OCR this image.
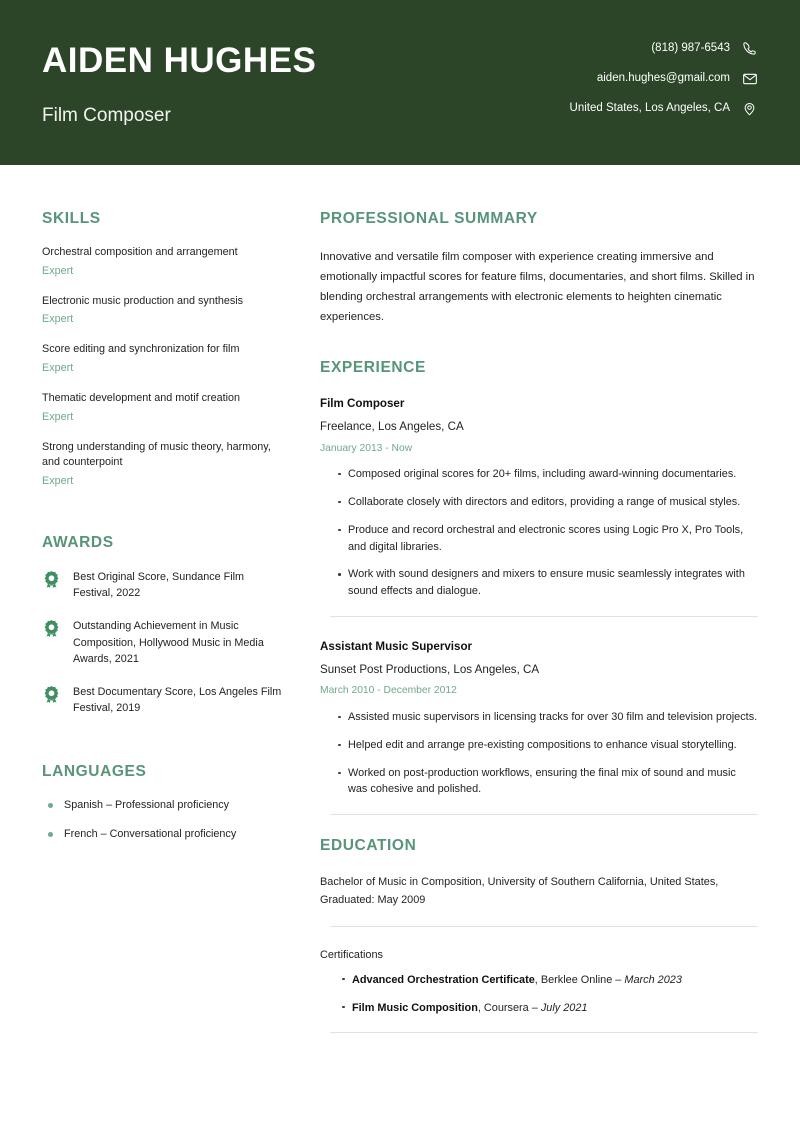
AIDEN HUGHES
Film Composer
(818) 987-6543
aiden.hughes@gmail.com
United States, Los Angeles, CA
SKILLS
Orchestral composition and arrangement
Expert
Electronic music production and synthesis
Expert
Score editing and synchronization for film
Expert
Thematic development and motif creation
Expert
Strong understanding of music theory, harmony, and counterpoint
Expert
AWARDS
Best Original Score, Sundance Film Festival, 2022
Outstanding Achievement in Music Composition, Hollywood Music in Media Awards, 2021
Best Documentary Score, Los Angeles Film Festival, 2019
LANGUAGES
Spanish – Professional proficiency
French – Conversational proficiency
PROFESSIONAL SUMMARY

Innovative and versatile film composer with experience creating immersive and emotionally impactful scores for feature films, documentaries, and short films. Skilled in blending orchestral arrangements with electronic elements to heighten cinematic experiences.

EXPERIENCE
Film Composer
Freelance, Los Angeles, CA
January 2013 - Now
Composed original scores for 20+ films, including award-winning documentaries.
Collaborate closely with directors and editors, providing a range of musical styles.
Produce and record orchestral and electronic scores using Logic Pro X, Pro Tools, and digital libraries.
Work with sound designers and mixers to ensure music seamlessly integrates with sound effects and dialogue.
Assistant Music Supervisor
Sunset Post Productions, Los Angeles, CA
March 2010 - December 2012
Assisted music supervisors in licensing tracks for over 30 film and television projects.
Helped edit and arrange pre-existing compositions to enhance visual storytelling.
Worked on post-production workflows, ensuring the final mix of sound and music was cohesive and polished.
EDUCATION

Bachelor of Music in Composition, University of Southern California, United States, Graduated: May 2009

Certifications
Advanced Orchestration Certificate, Berklee Online – March 2023
Film Music Composition, Coursera – July 2021
